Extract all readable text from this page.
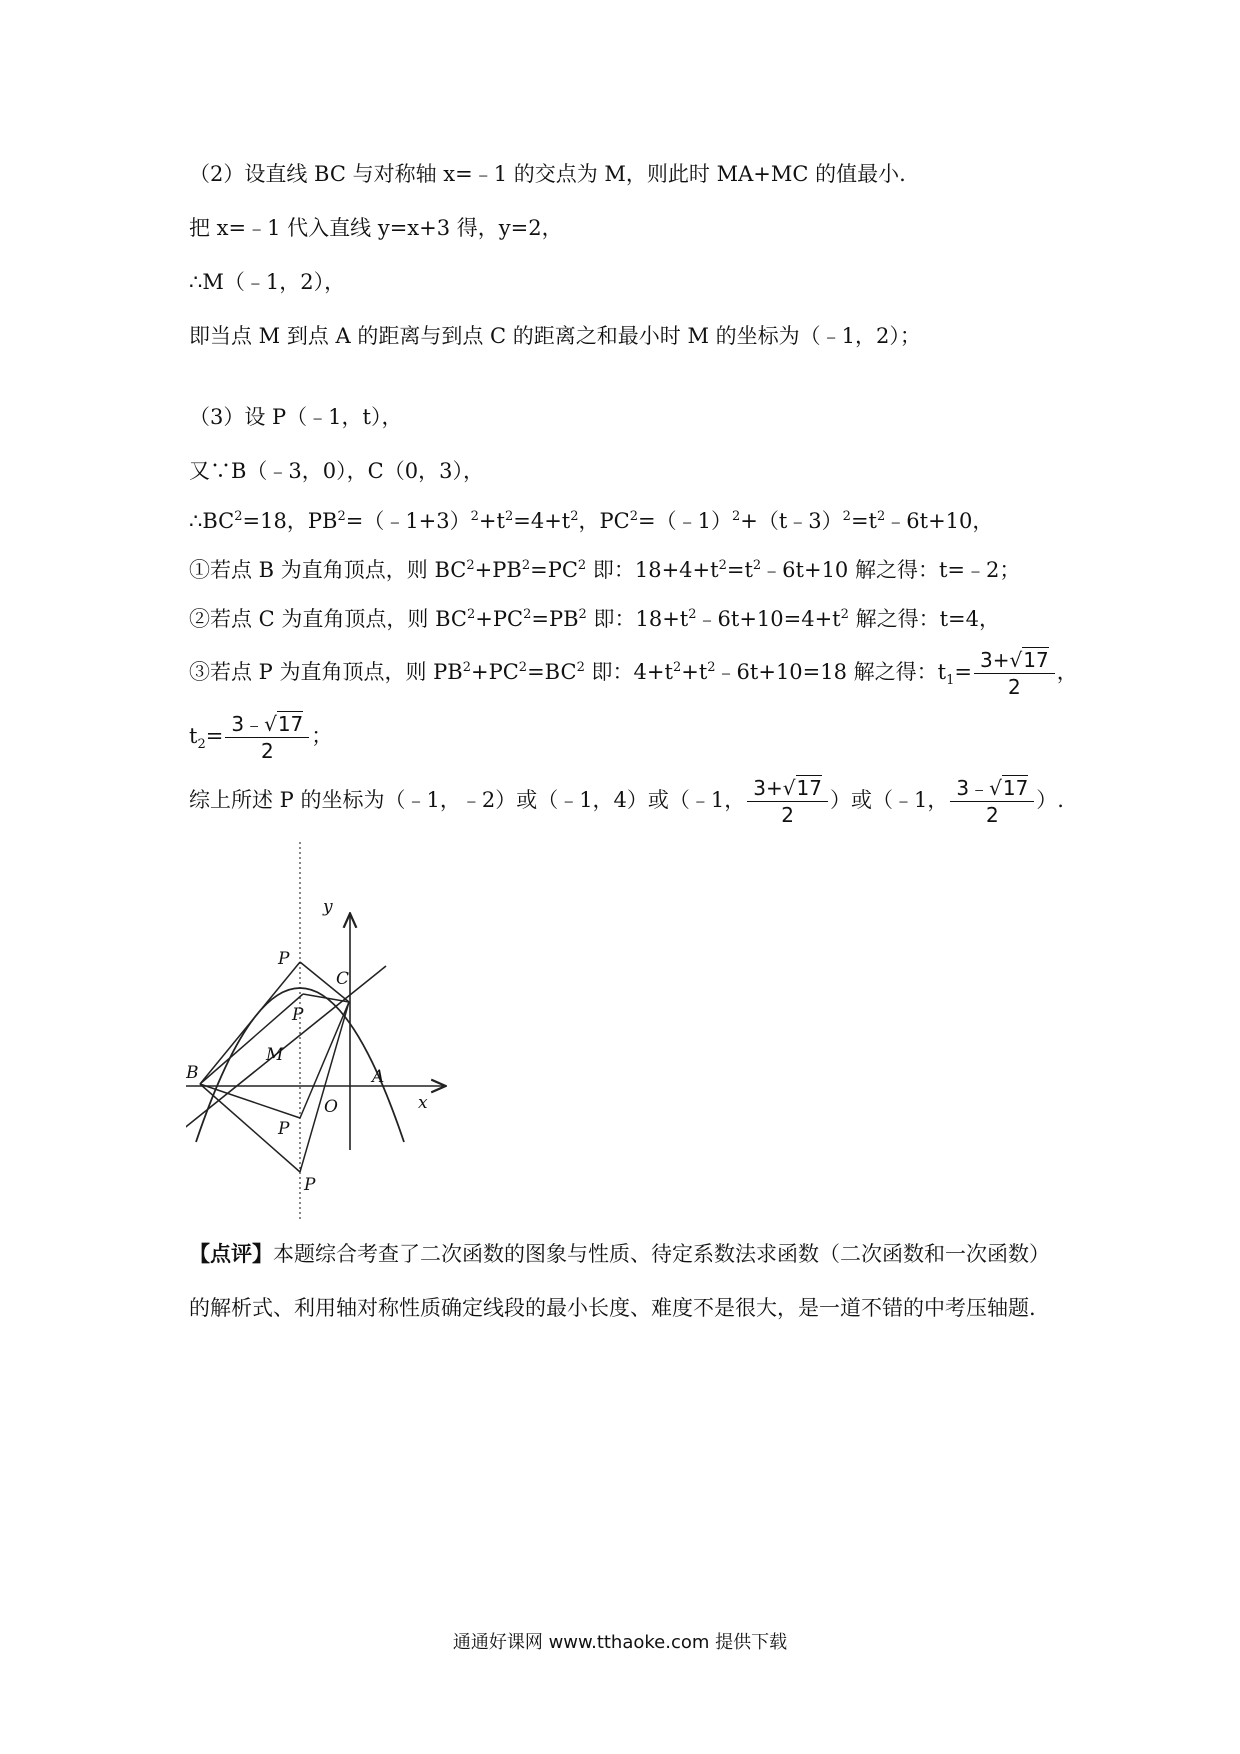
（2）设直线 BC 与对称轴 x=﹣1 的交点为 M，则此时 MA+MC 的值最小.
把 x=﹣1 代入直线 y=x+3 得，y=2，
∴M（﹣1，2），
即当点 M 到点 A 的距离与到点 C 的距离之和最小时 M 的坐标为（﹣1，2）；
（3）设 P（﹣1，t），
又∵B（﹣3，0），C（0，3），
$\therefore BC^2=18$，$PB^2=(﹣1+3)^2+t^2=4+t^2$，$PC^2=(﹣1)^2+(t﹣3)^2=t^2﹣6t+10$，
①若点 B 为直角顶点，则 $BC^2+PB^2=PC^2$ 即：$18+4+t^2=t^2﹣6t+10$ 解之得：t=﹣2；
②若点 C 为直角顶点，则 $BC^2+PC^2=PB^2$ 即：$18+t^2﹣6t+10=4+t^2$ 解之得：t=4，
③若点 P 为直角顶点，则 $PB^2+PC^2=BC^2$ 即：$4+t^2+t^2﹣6t+10=18$ 解之得：$t_1= \frac{3+√17}{2}$ ，
$t_2= \frac{3﹣√17}{2}$ ；
综上所述 P 的坐标为（﹣1，﹣2）或（﹣1，4）或（﹣1， $\frac{3+√17}{2}$ ）或（﹣1， $\frac{3﹣√17}{2}$ ）.
y
x
P
C
P
M
B	A
O
P
P
【点评】本题综合考查了二次函数的图象与性质、待定系数法求函数（二次函数和一次函数）
的解析式、利用轴对称性质确定线段的最小长度、难度不是很大，是一道不错的中考压轴题.
通通好课网 www.tthaoke.com 提供下载
